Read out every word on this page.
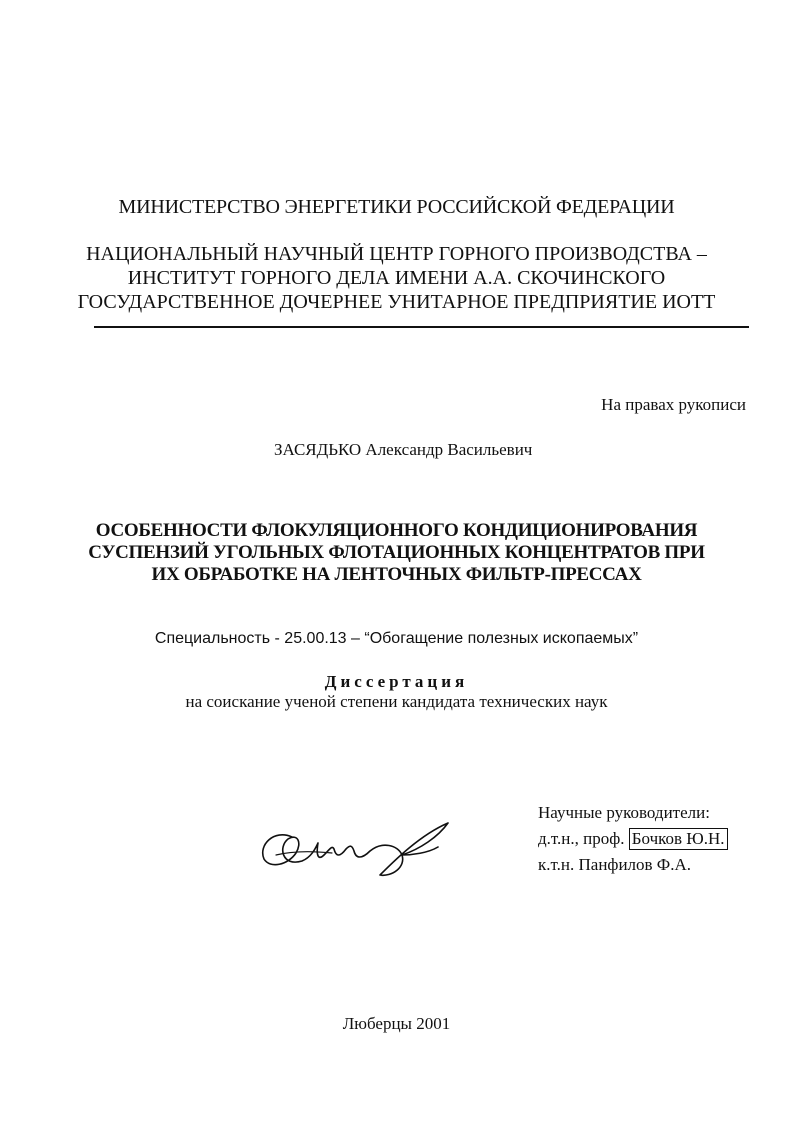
МИНИСТЕРСТВО ЭНЕРГЕТИКИ РОССИЙСКОЙ ФЕДЕРАЦИИ
НАЦИОНАЛЬНЫЙ НАУЧНЫЙ ЦЕНТР ГОРНОГО ПРОИЗВОДСТВА –
ИНСТИТУТ ГОРНОГО ДЕЛА ИМЕНИ А.А. СКОЧИНСКОГО
ГОСУДАРСТВЕННОЕ ДОЧЕРНЕЕ УНИТАРНОЕ ПРЕДПРИЯТИЕ ИОТТ
На правах рукописи
ЗАСЯДЬКО Александр Васильевич
ОСОБЕННОСТИ ФЛОКУЛЯЦИОННОГО КОНДИЦИОНИРОВАНИЯ
СУСПЕНЗИЙ УГОЛЬНЫХ ФЛОТАЦИОННЫХ КОНЦЕНТРАТОВ ПРИ
ИХ ОБРАБОТКЕ НА ЛЕНТОЧНЫХ ФИЛЬТР-ПРЕССАХ
Специальность - 25.00.13 – “Обогащение полезных ископаемых”
Диссертация
на соискание ученой степени кандидата технических наук
Научные руководители:
д.т.н., проф. Бочков Ю.Н.
к.т.н. Панфилов Ф.А.
Люберцы 2001
